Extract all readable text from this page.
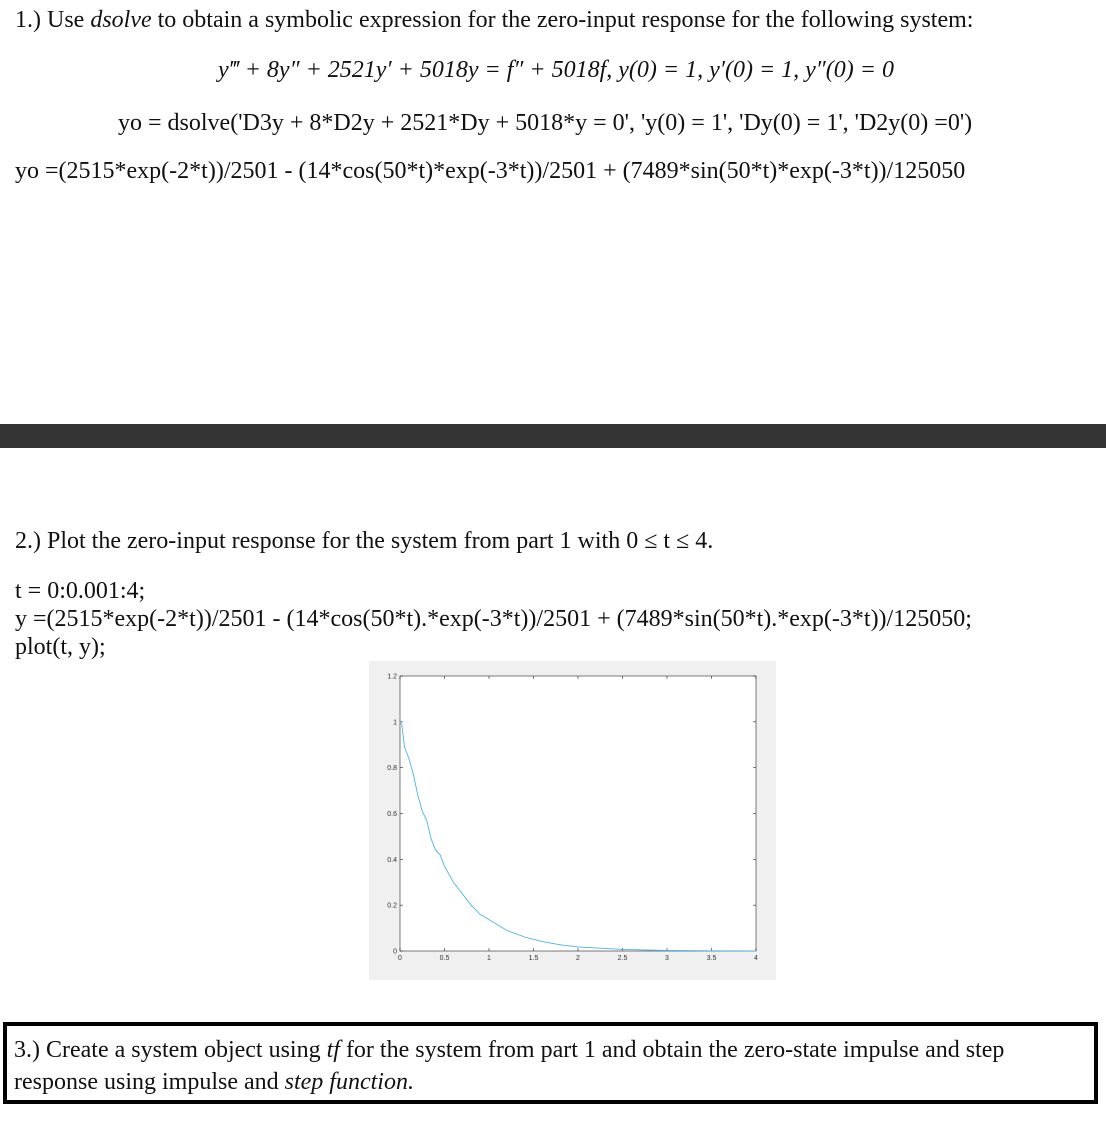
1.) Use dsolve to obtain a symbolic expression for the zero-input response for the following system:
y‴ + 8y″ + 2521y′ + 5018y = f″ + 5018f, y(0) = 1, y′(0) = 1, y″(0) = 0
yo = dsolve('D3y + 8*D2y + 2521*Dy + 5018*y = 0', 'y(0) = 1', 'Dy(0) = 1', 'D2y(0) =0')
yo =(2515*exp(-2*t))/2501 - (14*cos(50*t)*exp(-3*t))/2501 + (7489*sin(50*t)*exp(-3*t))/125050
2.) Plot the zero-input response for the system from part 1 with 0 ≤ t ≤ 4.
t = 0:0.001:4;
y =(2515*exp(-2*t))/2501 - (14*cos(50*t).*exp(-3*t))/2501 + (7489*sin(50*t).*exp(-3*t))/125050;
plot(t, y);
0	0.5	1	1.5	2	2.5	3	3.5	4
0
0.2
0.4
0.6
0.8
1
1.2

3.) Create a system object using tf for the system from part 1 and obtain the zero-state impulse and step

response using impulse and step function.
